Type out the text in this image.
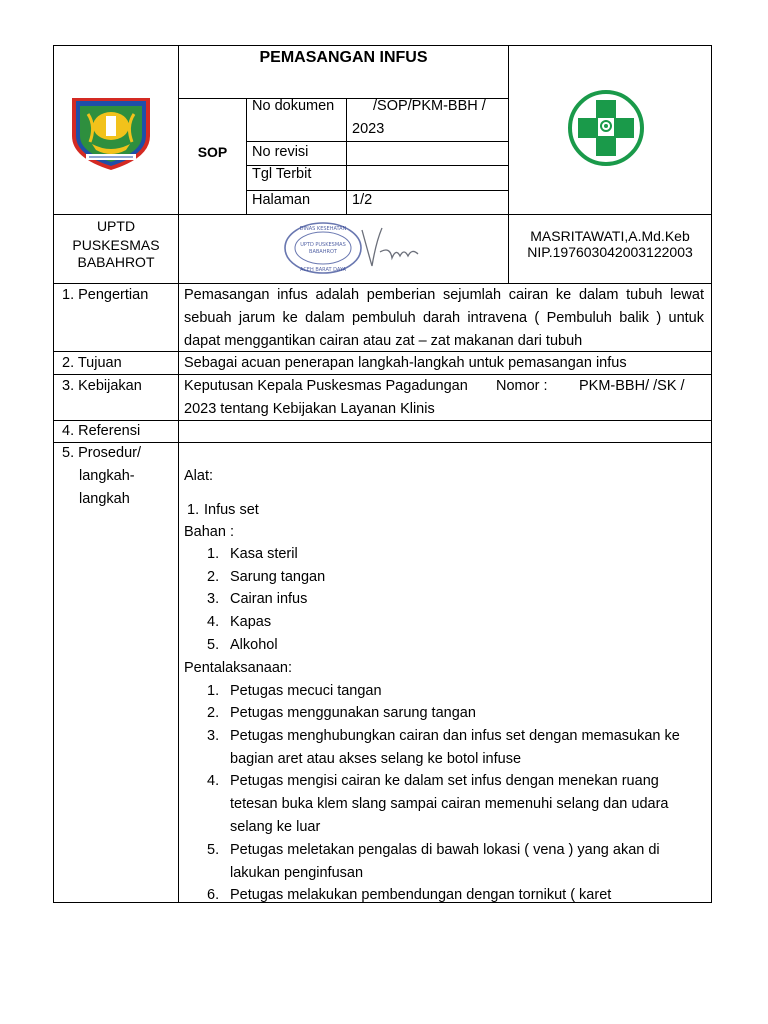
PEMASANGAN INFUS
SOP
No dokumen	/SOP/PKM-BBH /
2023
No revisi
Tgl Terbit
Halaman	1/2
UPTD
PUSKESMAS
BABAHROT
DINAS KESEHATAN
UPTD PUSKESMAS
BABAHROT
ACEH BARAT DAYA
MASRITAWATI,A.Md.Keb
NIP.197603042003122003
1. Pengertian Pemasangan infus adalah pemberian sejumlah cairan ke dalam tubuh lewat
sebuah jarum ke dalam pembuluh darah intravena ( Pembuluh balik ) untuk
dapat menggantikan cairan atau zat – zat makanan dari tubuh
2. Tujuan	Sebagai acuan penerapan langkah-langkah untuk pemasangan infus
3. Kebijakan	Keputusan Kepala Puskesmas Pagadungan Nomor : PKM-BBH/ /SK /
2023 tentang Kebijakan Layanan Klinis
4. Referensi
5. Prosedur/
langkah-
langkah
Alat:
1. Infus set
Bahan :
1. Kasa steril
2. Sarung tangan
3. Cairan infus
4. Kapas
5. Alkohol
Pentalaksanaan:
1. Petugas mecuci tangan
2. Petugas menggunakan sarung tangan
3. Petugas menghubungkan cairan dan infus set dengan memasukan ke
bagian aret atau akses selang ke botol infuse
4. Petugas mengisi cairan ke dalam set infus dengan menekan ruang
tetesan buka klem slang sampai cairan memenuhi selang dan udara
selang ke luar
5. Petugas meletakan pengalas di bawah lokasi ( vena ) yang akan di
lakukan penginfusan
6. Petugas melakukan pembendungan dengan tornikut ( karet
